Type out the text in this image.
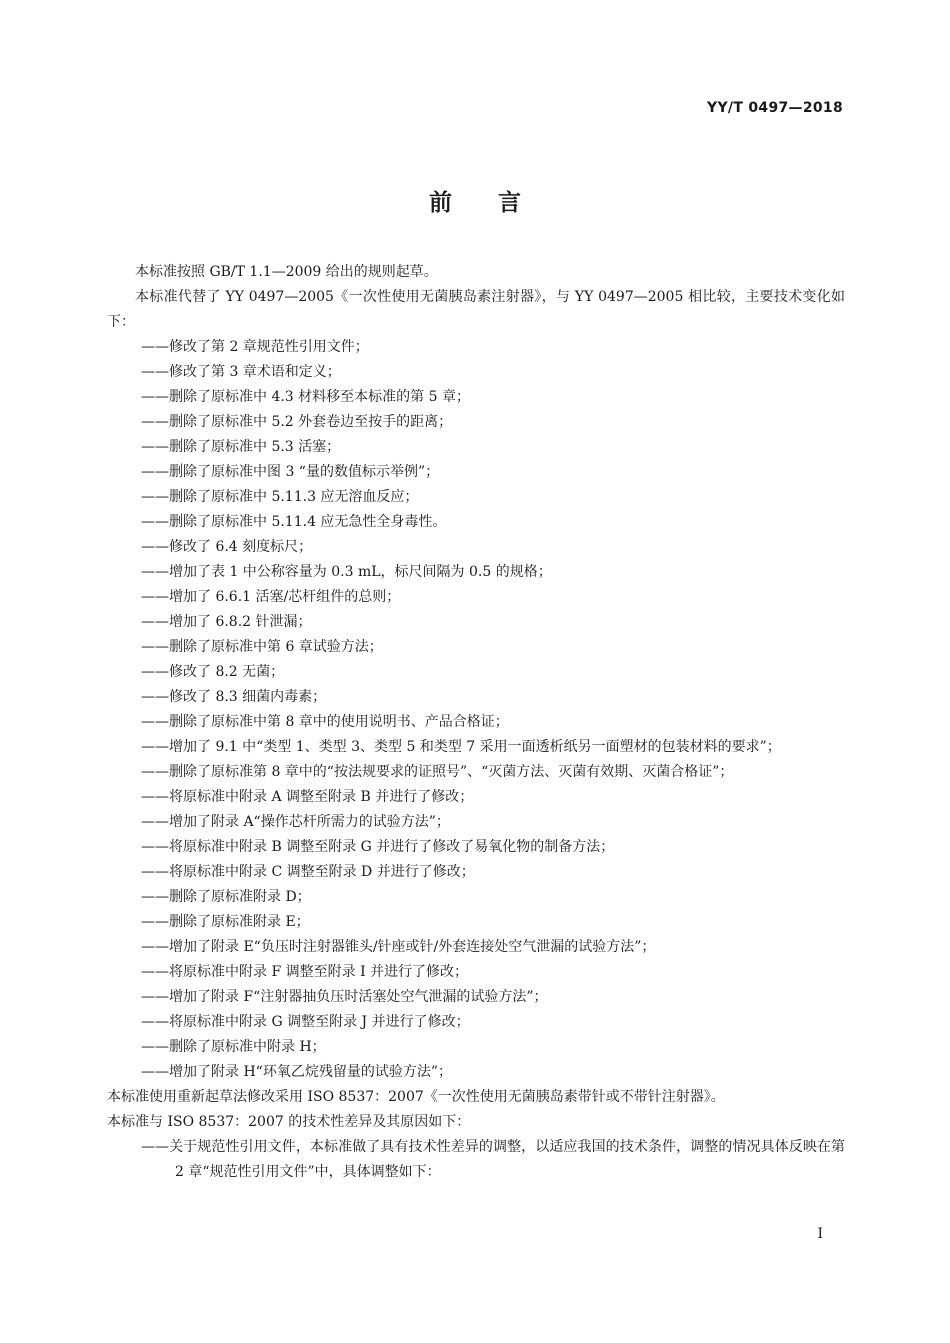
YY/T 0497—2018
前言

本标准按照 GB/T 1.1—2009 给出的规则起草。

本标准代替了 YY 0497—2005《一次性使用无菌胰岛素注射器》，与 YY 0497—2005 相比较，主要技术变化如下：

——修改了第 2 章规范性引用文件；

——修改了第 3 章术语和定义；

——删除了原标准中 4.3 材料移至本标准的第 5 章；

——删除了原标准中 5.2 外套卷边至按手的距离；

——删除了原标准中 5.3 活塞；

——删除了原标准中图 3 “量的数值标示举例”；

——删除了原标准中 5.11.3 应无溶血反应；

——删除了原标准中 5.11.4 应无急性全身毒性。

——修改了 6.4 刻度标尺；

——增加了表 1 中公称容量为 0.3 mL，标尺间隔为 0.5 的规格；

——增加了 6.6.1 活塞/芯杆组件的总则；

——增加了 6.8.2 针泄漏；

——删除了原标准中第 6 章试验方法；

——修改了 8.2 无菌；

——修改了 8.3 细菌内毒素；

——删除了原标准中第 8 章中的使用说明书、产品合格证；

——增加了 9.1 中“类型 1、类型 3、类型 5 和类型 7 采用一面透析纸另一面塑材的包装材料的要求”；

——删除了原标准第 8 章中的“按法规要求的证照号”、“灭菌方法、灭菌有效期、灭菌合格证”；

——将原标准中附录 A 调整至附录 B 并进行了修改；

——增加了附录 A“操作芯杆所需力的试验方法”；

——将原标准中附录 B 调整至附录 G 并进行了修改了易氧化物的制备方法；

——将原标准中附录 C 调整至附录 D 并进行了修改；

——删除了原标准附录 D；

——删除了原标准附录 E；

——增加了附录 E“负压时注射器锥头/针座或针/外套连接处空气泄漏的试验方法”；

——将原标准中附录 F 调整至附录 I 并进行了修改；

——增加了附录 F“注射器抽负压时活塞处空气泄漏的试验方法”；

——将原标准中附录 G 调整至附录 J 并进行了修改；

——删除了原标准中附录 H；

——增加了附录 H“环氧乙烷残留量的试验方法”；

本标准使用重新起草法修改采用 ISO 8537：2007《一次性使用无菌胰岛素带针或不带针注射器》。

本标准与 ISO 8537：2007 的技术性差异及其原因如下：

——关于规范性引用文件，本标准做了具有技术性差异的调整，以适应我国的技术条件，调整的情况具体反映在第 2 章“规范性引用文件”中，具体调整如下：

I
